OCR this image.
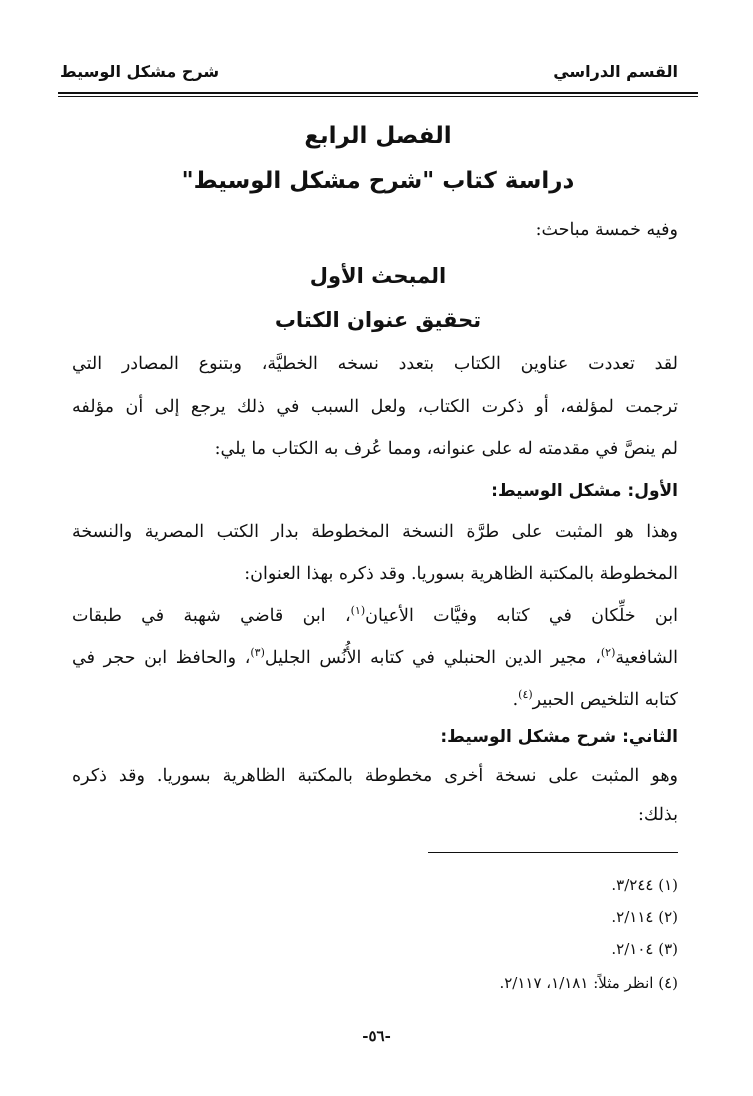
القسم الدراسي
شرح مشكل الوسيط
الفصل الرابع
دراسة كتاب "شرح مشكل الوسيط"
وفيه خمسة مباحث:
المبحث الأول
تحقيق عنوان الكتاب
لقد تعددت عناوين الكتاب بتعدد نسخه الخطيَّة، وبتنوع المصادر التي
ترجمت لمؤلفه، أو ذكرت الكتاب، ولعل السبب في ذلك يرجع إلى أن مؤلفه
لم ينصَّ في مقدمته له على عنوانه، ومما عُرف به الكتاب ما يلي:
الأول: مشكل الوسيط:
وهذا هو المثبت على طرَّة النسخة المخطوطة بدار الكتب المصرية والنسخة
المخطوطة بالمكتبة الظاهرية بسوريا. وقد ذكره بهذا العنوان:
ابن خلِّكان في كتابه وفيَّات الأعيان$^{(١)}$، ابن قاضي شهبة في طبقات
الشافعية$^{(٢)}$، مجير الدين الحنبلي في كتابه الأُنُس الجليل$^{(٣)}$، والحافظ ابن حجر في
كتابه التلخيص الحبير$^{(٤)}$.
الثاني: شرح مشكل الوسيط:
وهو المثبت على نسخة أخرى مخطوطة بالمكتبة الظاهرية بسوريا. وقد ذكره
بذلك:
(١) ٣/٢٤٤.
(٢) ٢/١١٤.
(٣) ٢/١٠٤.
(٤) انظر مثلاً: ١/١٨١، ٢/١١٧.
-٥٦-
